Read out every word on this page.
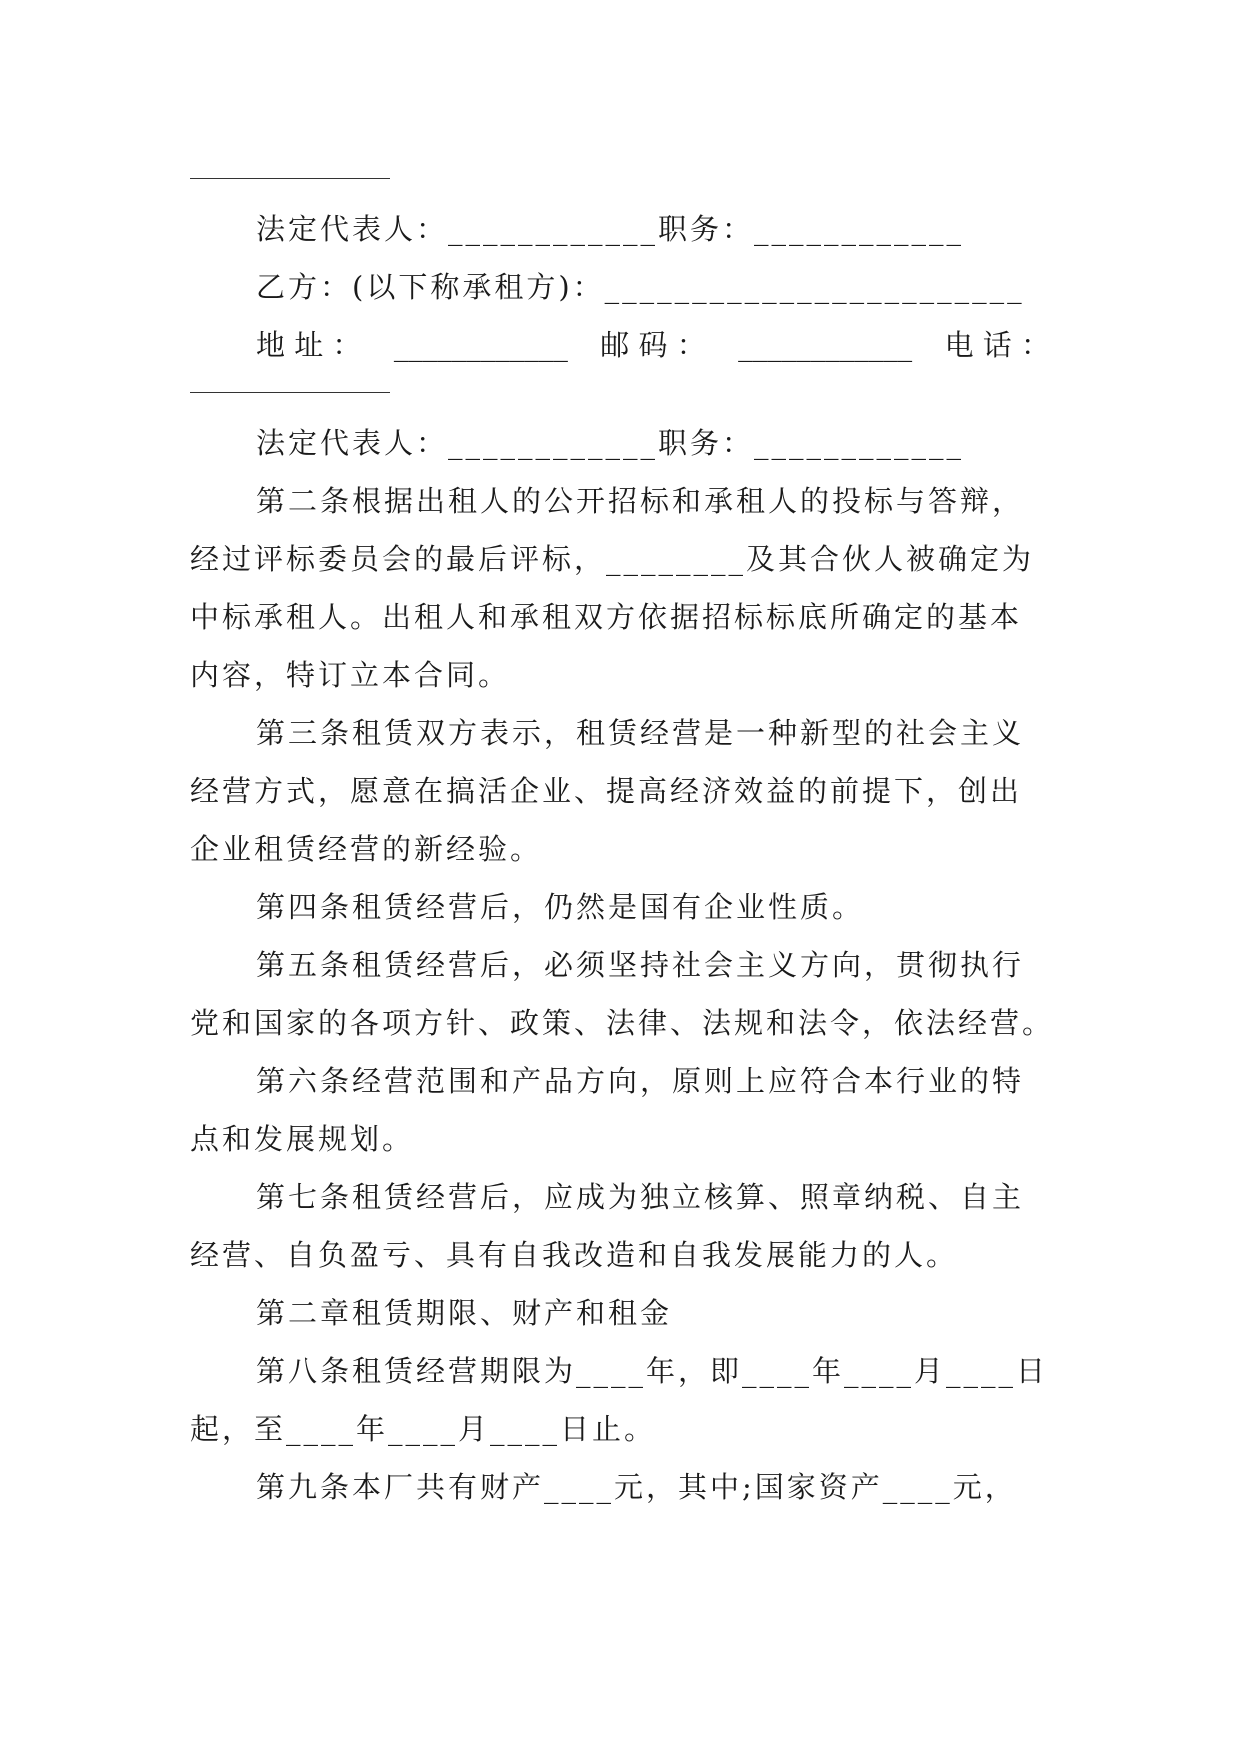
法定代表人：____________职务：____________
乙方：(以下称承租方)：________________________
地 址 ： ____________ 邮 码 ： ____________ 电 话 ：
法定代表人：____________职务：____________
第二条根据出租人的公开招标和承租人的投标与答辩，
经过评标委员会的最后评标，________及其合伙人被确定为
中标承租人。出租人和承租双方依据招标标底所确定的基本
内容，特订立本合同。
第三条租赁双方表示，租赁经营是一种新型的社会主义
经营方式，愿意在搞活企业、提高经济效益的前提下，创出
企业租赁经营的新经验。
第四条租赁经营后，仍然是国有企业性质。
第五条租赁经营后，必须坚持社会主义方向，贯彻执行
党和国家的各项方针、政策、法律、法规和法令，依法经营。
第六条经营范围和产品方向，原则上应符合本行业的特
点和发展规划。
第七条租赁经营后，应成为独立核算、照章纳税、自主
经营、自负盈亏、具有自我改造和自我发展能力的人。
第二章租赁期限、财产和租金
第八条租赁经营期限为____年，即____年____月____日
起，至____年____月____日止。
第九条本厂共有财产____元，其中;国家资产____元，
